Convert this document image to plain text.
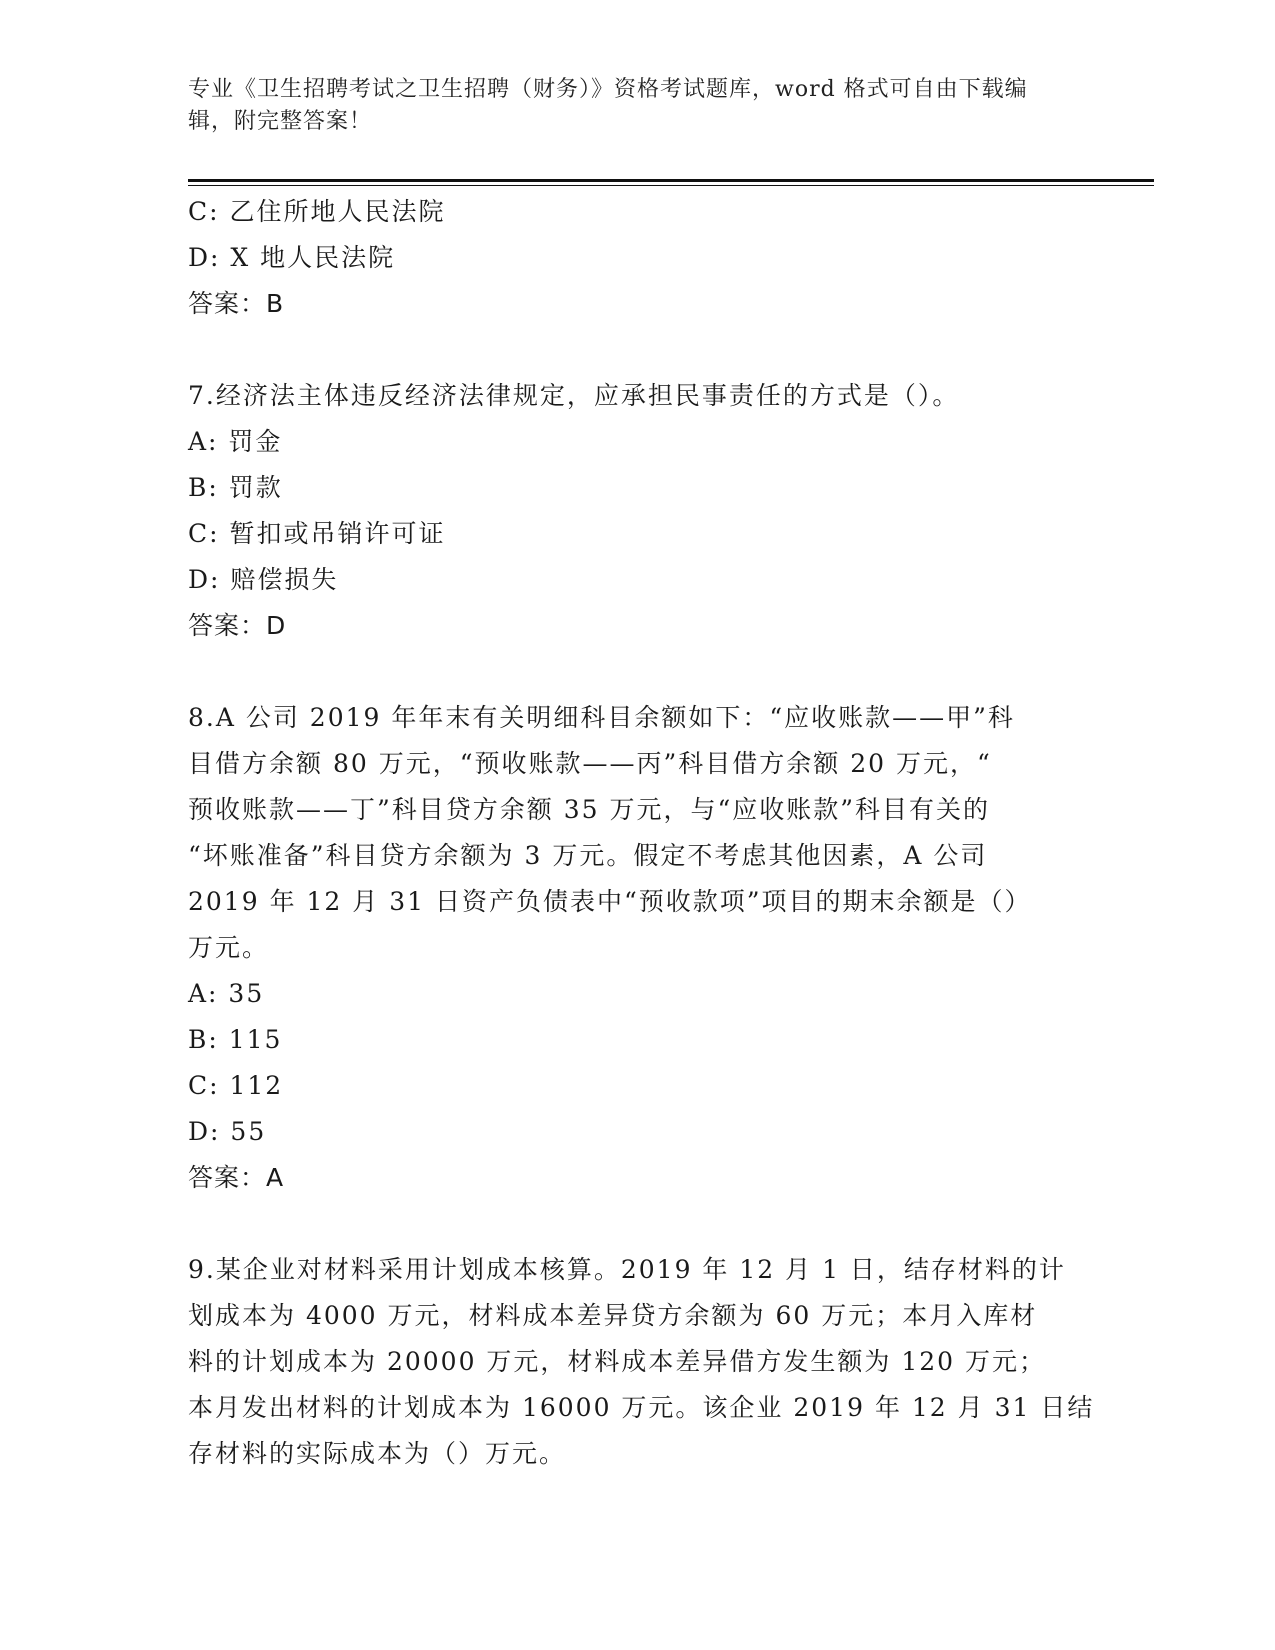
专业《卫生招聘考试之卫生招聘（财务）》资格考试题库，word 格式可自由下载编辑，附完整答案！
C: 乙住所地人民法院
D: X 地人民法院
答案：B
7.经济法主体违反经济法律规定，应承担民事责任的方式是（）。
A: 罚金
B: 罚款
C: 暂扣或吊销许可证
D: 赔偿损失
答案：D
8.A 公司 2019 年年末有关明细科目余额如下：“应收账款——甲”科
目借方余额 80 万元，“预收账款——丙”科目借方余额 20 万元，“
预收账款——丁”科目贷方余额 35 万元，与“应收账款”科目有关的
“坏账准备”科目贷方余额为 3 万元。假定不考虑其他因素，A 公司
2019 年 12 月 31 日资产负债表中“预收款项”项目的期末余额是（）
万元。
A: 35
B: 115
C: 112
D: 55
答案：A
9.某企业对材料采用计划成本核算。2019 年 12 月 1 日，结存材料的计
划成本为 4000 万元，材料成本差异贷方余额为 60 万元；本月入库材
料的计划成本为 20000 万元，材料成本差异借方发生额为 120 万元；
本月发出材料的计划成本为 16000 万元。该企业 2019 年 12 月 31 日结
存材料的实际成本为（）万元。
